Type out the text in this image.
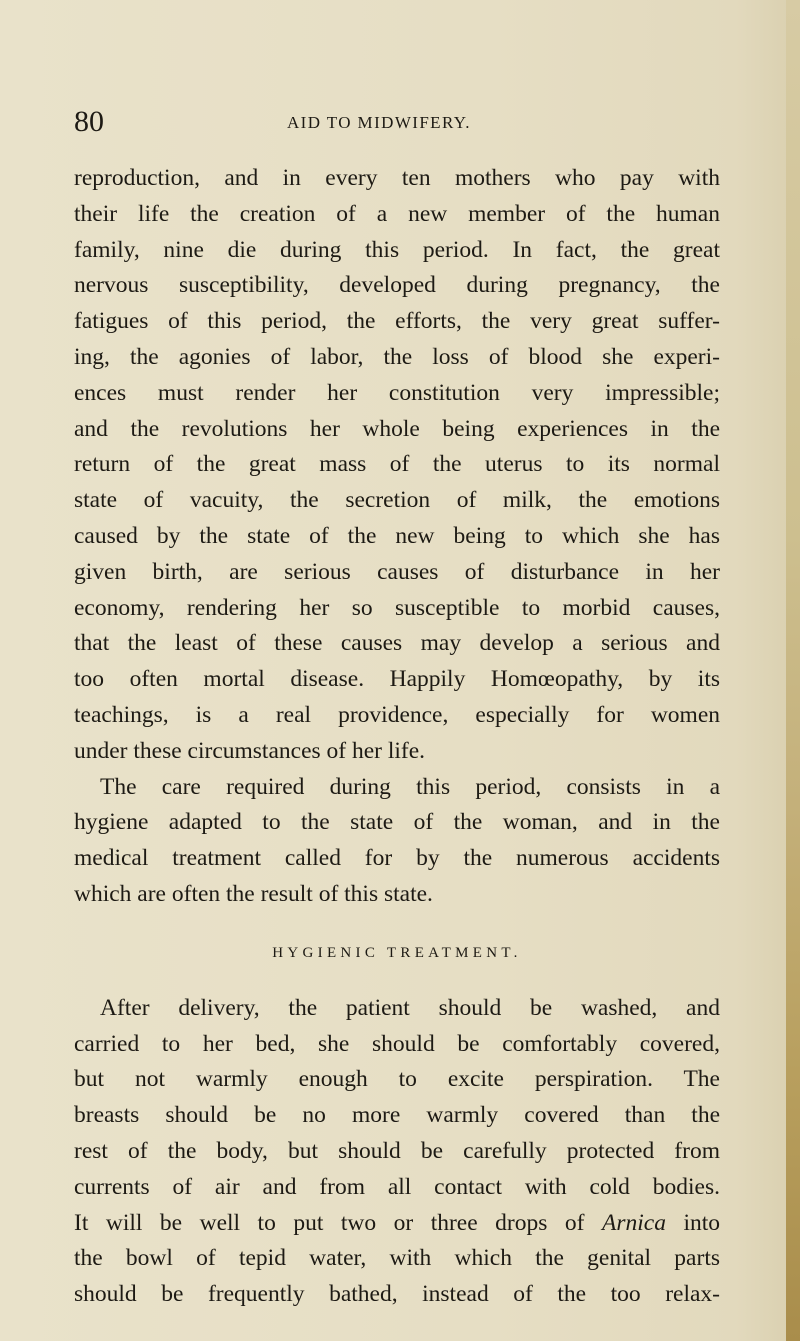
80	AID TO MIDWIFERY.
reproduction, and in every ten mothers who pay with
their life the creation of a new member of the human
family, nine die during this period. In fact, the great
nervous susceptibility, developed during pregnancy, the
fatigues of this period, the efforts, the very great suffer-
ing, the agonies of labor, the loss of blood she experi-
ences must render her constitution very impressible;
and the revolutions her whole being experiences in the
return of the great mass of the uterus to its normal
state of vacuity, the secretion of milk, the emotions
caused by the state of the new being to which she has
given birth, are serious causes of disturbance in her
economy, rendering her so susceptible to morbid causes,
that the least of these causes may develop a serious and
too often mortal disease. Happily Homœopathy, by its
teachings, is a real providence, especially for women
under these circumstances of her life.
The care required during this period, consists in a
hygiene adapted to the state of the woman, and in the
medical treatment called for by the numerous accidents
which are often the result of this state.
HYGIENIC TREATMENT.
After delivery, the patient should be washed, and
carried to her bed, she should be comfortably covered,
but not warmly enough to excite perspiration. The
breasts should be no more warmly covered than the
rest of the body, but should be carefully protected from
currents of air and from all contact with cold bodies.
It will be well to put two or three drops of Arnica into
the bowl of tepid water, with which the genital parts
should be frequently bathed, instead of the too relax-
